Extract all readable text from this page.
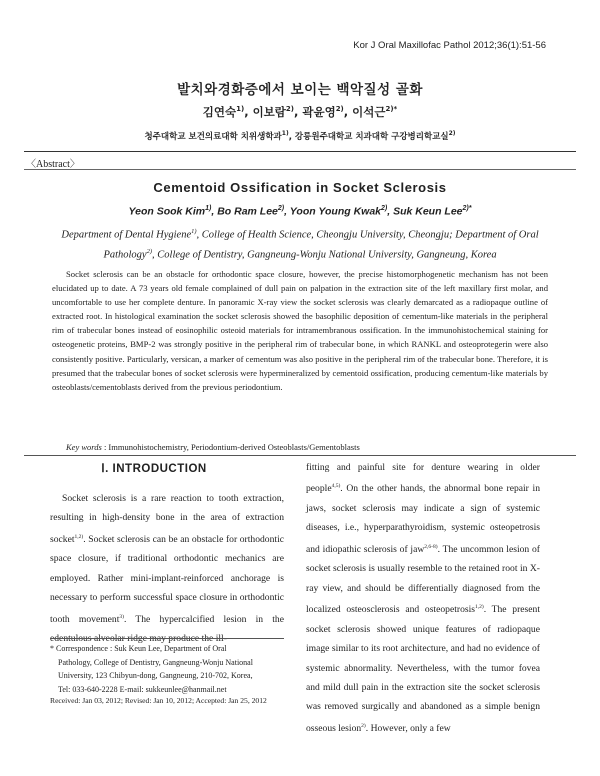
Kor J Oral Maxillofac Pathol 2012;36(1):51-56
발치와경화증에서 보이는 백악질성 골화
김연숙$^{1)}$, 이보람$^{2)}$, 곽윤영$^{2)}$, 이석근$^{2)*}$
청주대학교 보건의료대학 치위생학과$^{1)}$, 강릉원주대학교 치과대학 구강병리학교실$^{2)}$
〈Abstract〉
Cementoid Ossification in Socket Sclerosis
Yeon Sook Kim$^{1)}$, Bo Ram Lee$^{2)}$, Yoon Young Kwak$^{2)}$, Suk Keun Lee$^{2)*}$
Department of Dental Hygiene$^{1)}$, College of Health Science, Cheongju University, Cheongju; Department of Oral Pathology$^{2)}$, College of Dentistry, Gangneung-Wonju National University, Gangneung, Korea

Socket sclerosis can be an obstacle for orthodontic space closure, however, the precise histomorphogenetic mechanism has not been elucidated up to date. A 73 years old female complained of dull pain on palpation in the extraction site of the left maxillary first molar, and uncomfortable to use her complete denture. In panoramic X-ray view the socket sclerosis was clearly demarcated as a radiopaque outline of extracted root. In histological examination the socket sclerosis showed the basophilic deposition of cementum-like materials in the peripheral rim of trabecular bones instead of eosinophilic osteoid materials for intramembranous ossification. In the immunohistochemical staining for osteogenetic proteins, BMP-2 was strongly positive in the peripheral rim of trabecular bone, in which RANKL and osteoprotegerin were also consistently positive. Particularly, versican, a marker of cementum was also positive in the peripheral rim of the trabecular bone. Therefore, it is presumed that the trabecular bones of socket sclerosis were hypermineralized by cementoid ossification, producing cementum-like materials by osteoblasts/cementoblasts derived from the previous periodontium.

Key words : Immunohistochemistry, Periodontium-derived Osteoblasts/Gementoblasts
Ⅰ. INTRODUCTION

Socket sclerosis is a rare reaction to tooth extraction, resulting in high-density bone in the area of extraction socket$^{1,2)}$. Socket sclerosis can be an obstacle for orthodontic space closure, if traditional orthodontic mechanics are employed. Rather mini-implant-reinforced anchorage is necessary to perform successful space closure in orthodontic tooth movement$^{3)}$. The hypercalcified lesion in the edentulous alveolar ridge may produce the ill-

fitting and painful site for denture wearing in older people$^{4,5)}$. On the other hands, the abnormal bone repair in jaws, socket sclerosis may indicate a sign of systemic diseases, i.e., hyperparathyroidism, systemic osteopetrosis and idiopathic sclerosis of jaw$^{2,6-8)}$. The uncommon lesion of socket sclerosis is usually resemble to the retained root in X-ray view, and should be differentially diagnosed from the localized osteosclerosis and osteopetrosis$^{1,2)}$. The present socket sclerosis showed unique features of radiopaque image similar to its root architecture, and had no evidence of systemic abnormality. Nevertheless, with the tumor fovea and mild dull pain in the extraction site the socket sclerosis was removed surgically and abandoned as a simple benign osseous lesion$^{2)}$. However, only a few

* Correspondence : Suk Keun Lee, Department of Oral
Pathology, College of Dentistry, Gangneung-Wonju National
University, 123 Chibyun-dong, Gangneung, 210-702, Korea,
Tel: 033-640-2228 E-mail: sukkeunlee@hanmail.net
Received: Jan 03, 2012; Revised: Jan 10, 2012; Accepted: Jan 25, 2012
